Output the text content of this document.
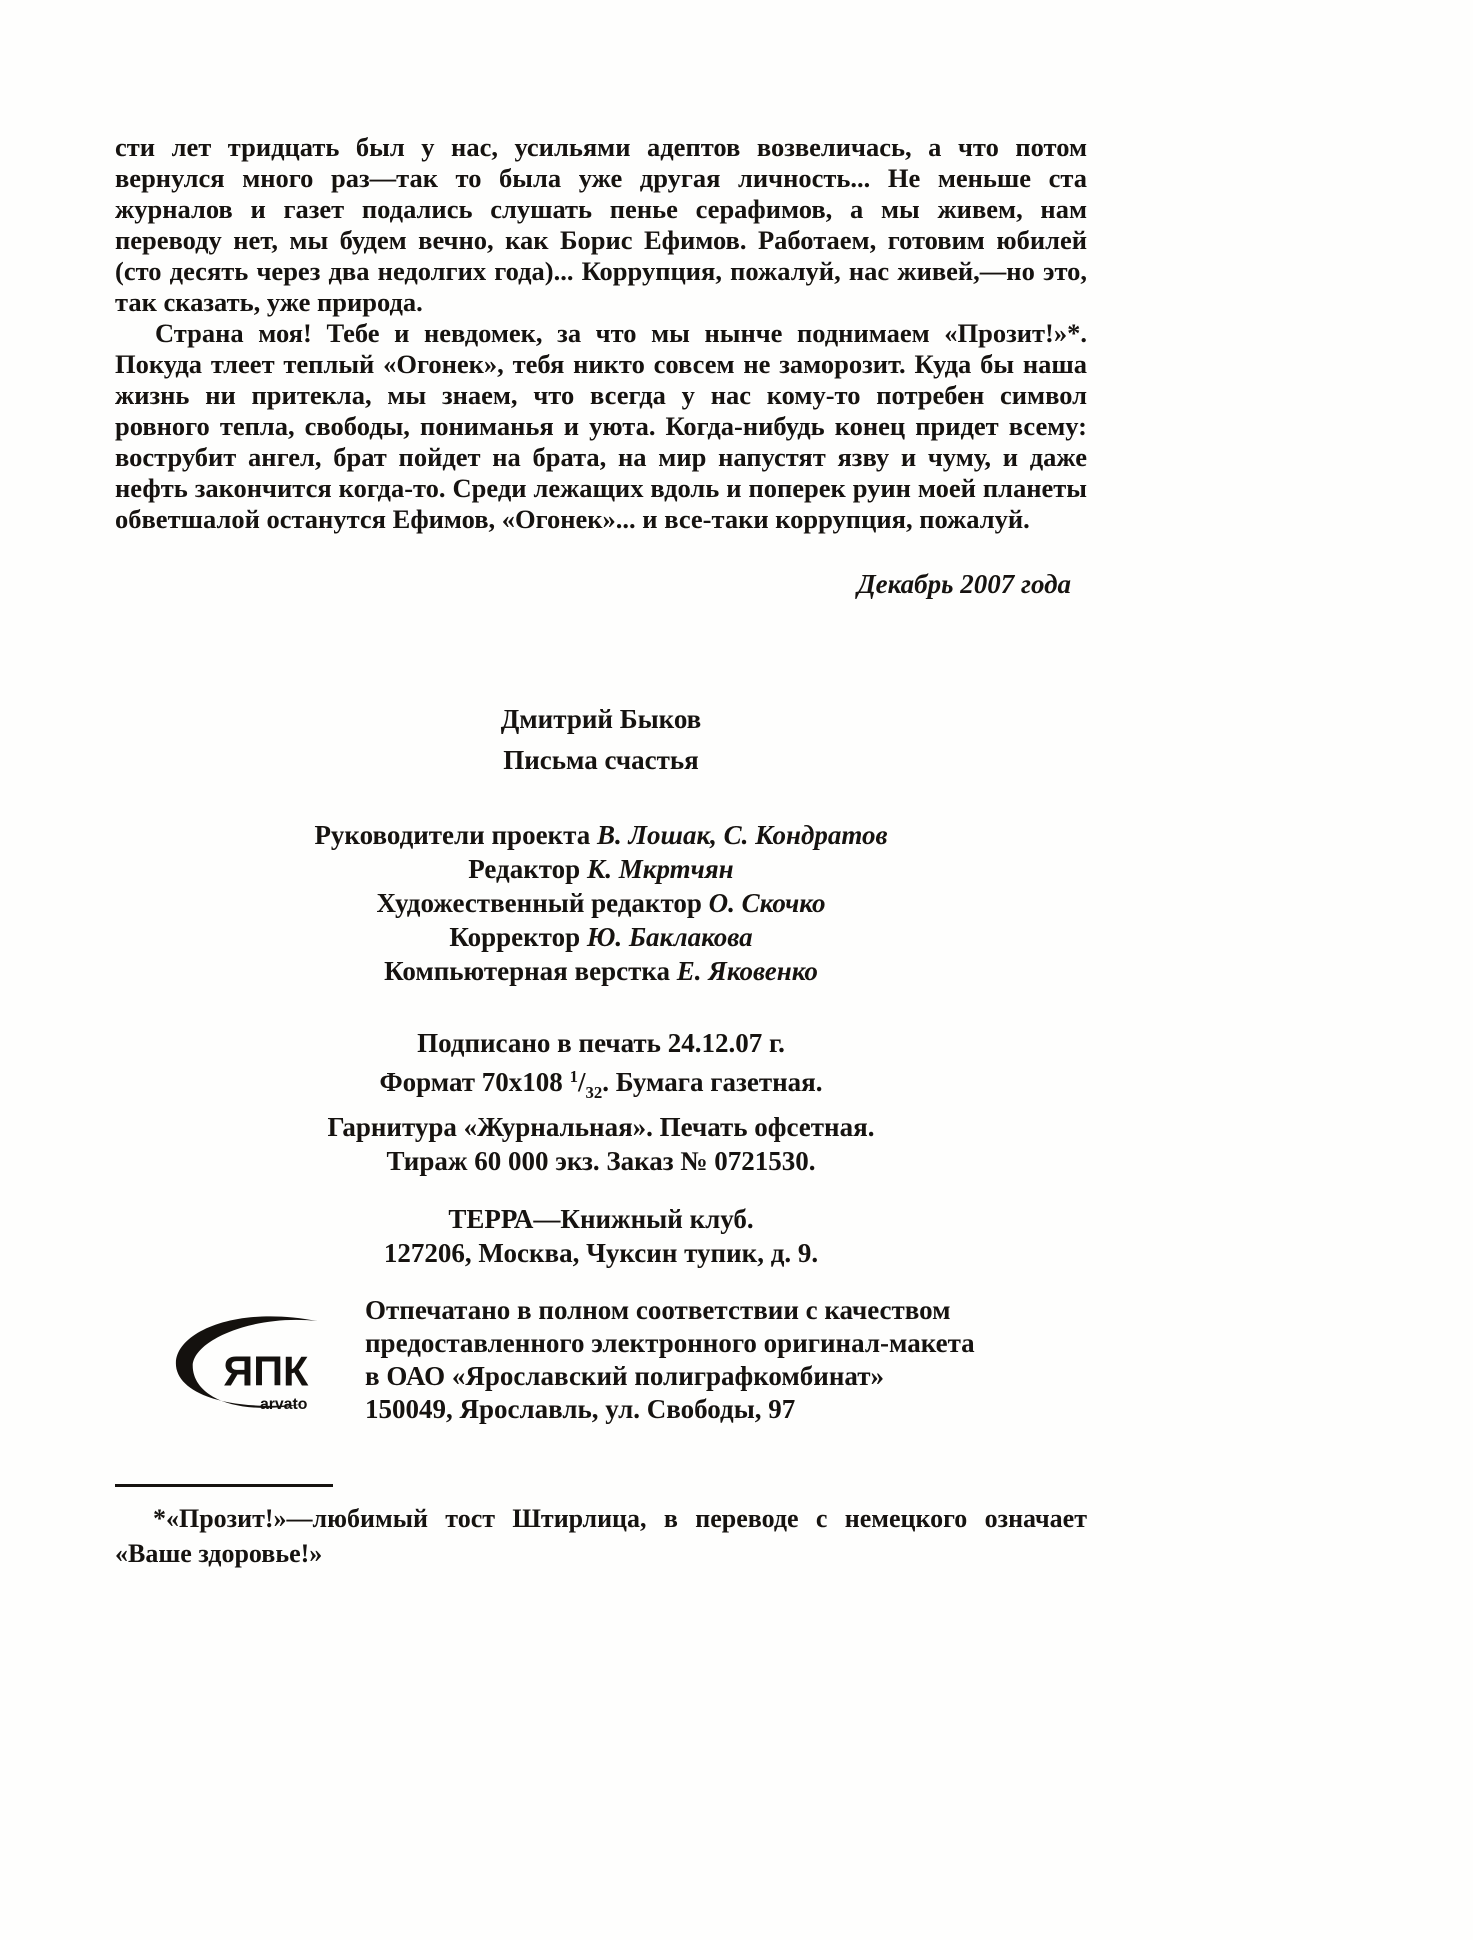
сти лет тридцать был у нас, усильями адептов возвеличась, а что потом вернулся много раз—так то была уже другая личность... Не меньше ста журналов и газет подались слушать пенье серафимов, а мы живем, нам переводу нет, мы будем вечно, как Борис Ефимов. Работаем, готовим юбилей (сто десять через два недолгих года)... Коррупция, пожалуй, нас живей,—но это, так сказать, уже природа.

Страна моя! Тебе и невдомек, за что мы нынче поднимаем «Прозит!»*. Покуда тлеет теплый «Огонек», тебя никто совсем не заморозит. Куда бы наша жизнь ни притекла, мы знаем, что всегда у нас кому-то потребен символ ровного тепла, свободы, пониманья и уюта. Когда-нибудь конец придет всему: вострубит ангел, брат пойдет на брата, на мир напустят язву и чуму, и даже нефть закончится когда-то. Среди лежащих вдоль и поперек руин моей планеты обветшалой останутся Ефимов, «Огонек»... и все-таки коррупция, пожалуй.

Декабрь 2007 года

Дмитрий Быков
Письма счастья
Руководители проекта В. Лошак, С. Кондратов
Редактор К. Мкртчян
Художественный редактор О. Скочко
Корректор Ю. Баклакова
Компьютерная верстка Е. Яковенко
Подписано в печать 24.12.07 г.
Формат 70x108 $^1/_{32}$. Бумага газетная.
Гарнитура «Журнальная». Печать офсетная.
Тираж 60 000 экз. Заказ № 0721530.
ТЕРРА—Книжный клуб.
127206, Москва, Чуксин тупик, д. 9.
ЯПК
arvato
Отпечатано в полном соответствии с качеством
предоставленного электронного оригинал-макета
в ОАО «Ярославский полиграфкомбинат»
150049, Ярославль, ул. Свободы, 97

*«Прозит!»—любимый тост Штирлица, в переводе с немецкого означает «Ваше здоровье!»
